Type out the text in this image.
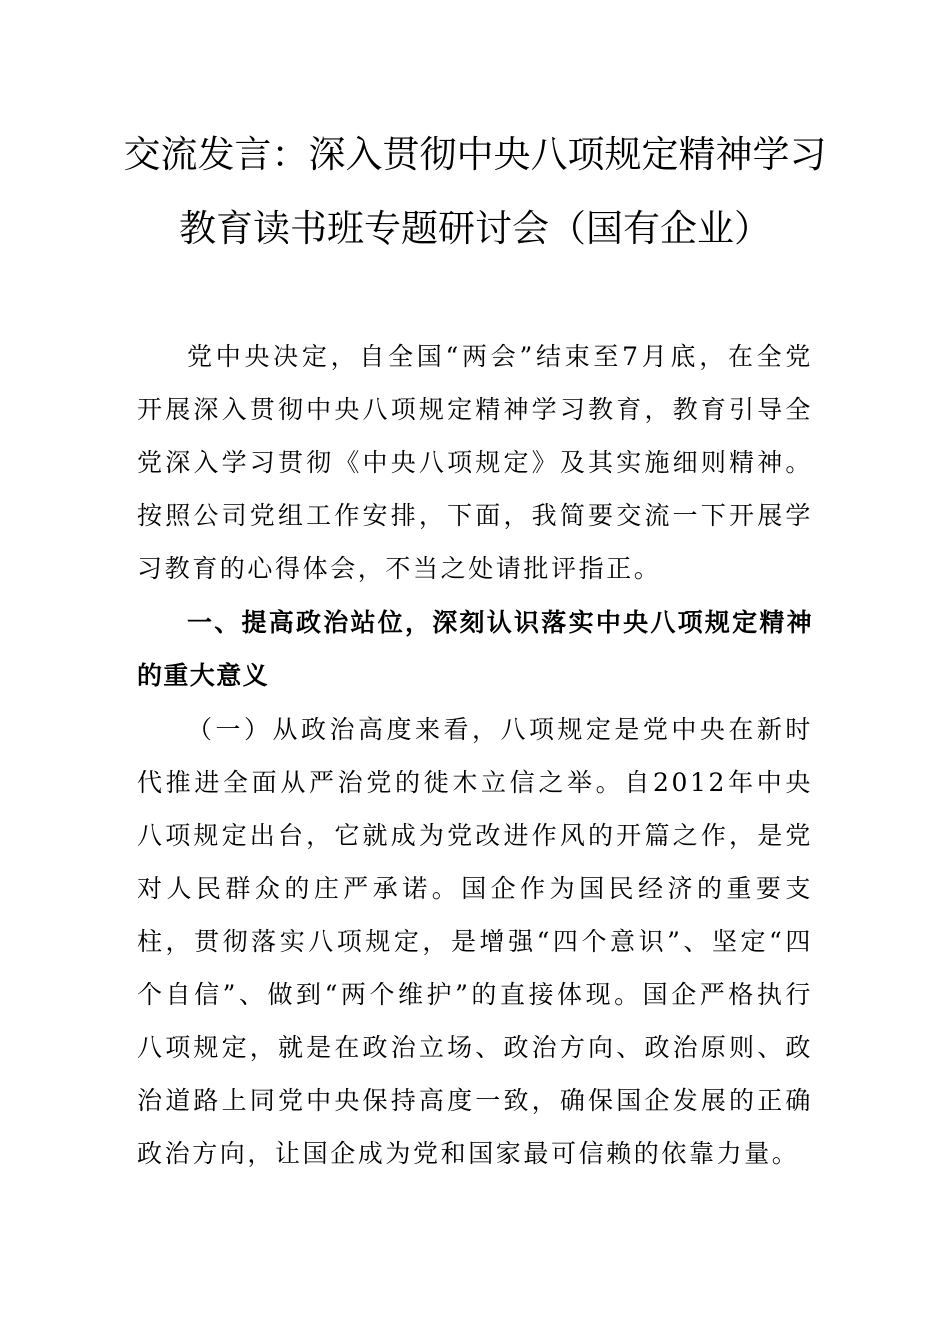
交流发言：深入贯彻中央八项规定精神学习
教育读书班专题研讨会（国有企业）

党中央决定，自全国“两会”结束至7月底，在全党开展深入贯彻中央八项规定精神学习教育，教育引导全党深入学习贯彻《中央八项规定》及其实施细则精神。按照公司党组工作安排，下面，我简要交流一下开展学习教育的心得体会，不当之处请批评指正。

一、提高政治站位，深刻认识落实中央八项规定精神的重大意义

（一）从政治高度来看，八项规定是党中央在新时代推进全面从严治党的徙木立信之举。自2012年中央八项规定出台，它就成为党改进作风的开篇之作，是党对人民群众的庄严承诺。国企作为国民经济的重要支柱，贯彻落实八项规定，是增强“四个意识”、坚定“四个自信”、做到“两个维护”的直接体现。国企严格执行八项规定，就是在政治立场、政治方向、政治原则、政治道路上同党中央保持高度一致，确保国企发展的正确政治方向，让国企成为党和国家最可信赖的依靠力量。
